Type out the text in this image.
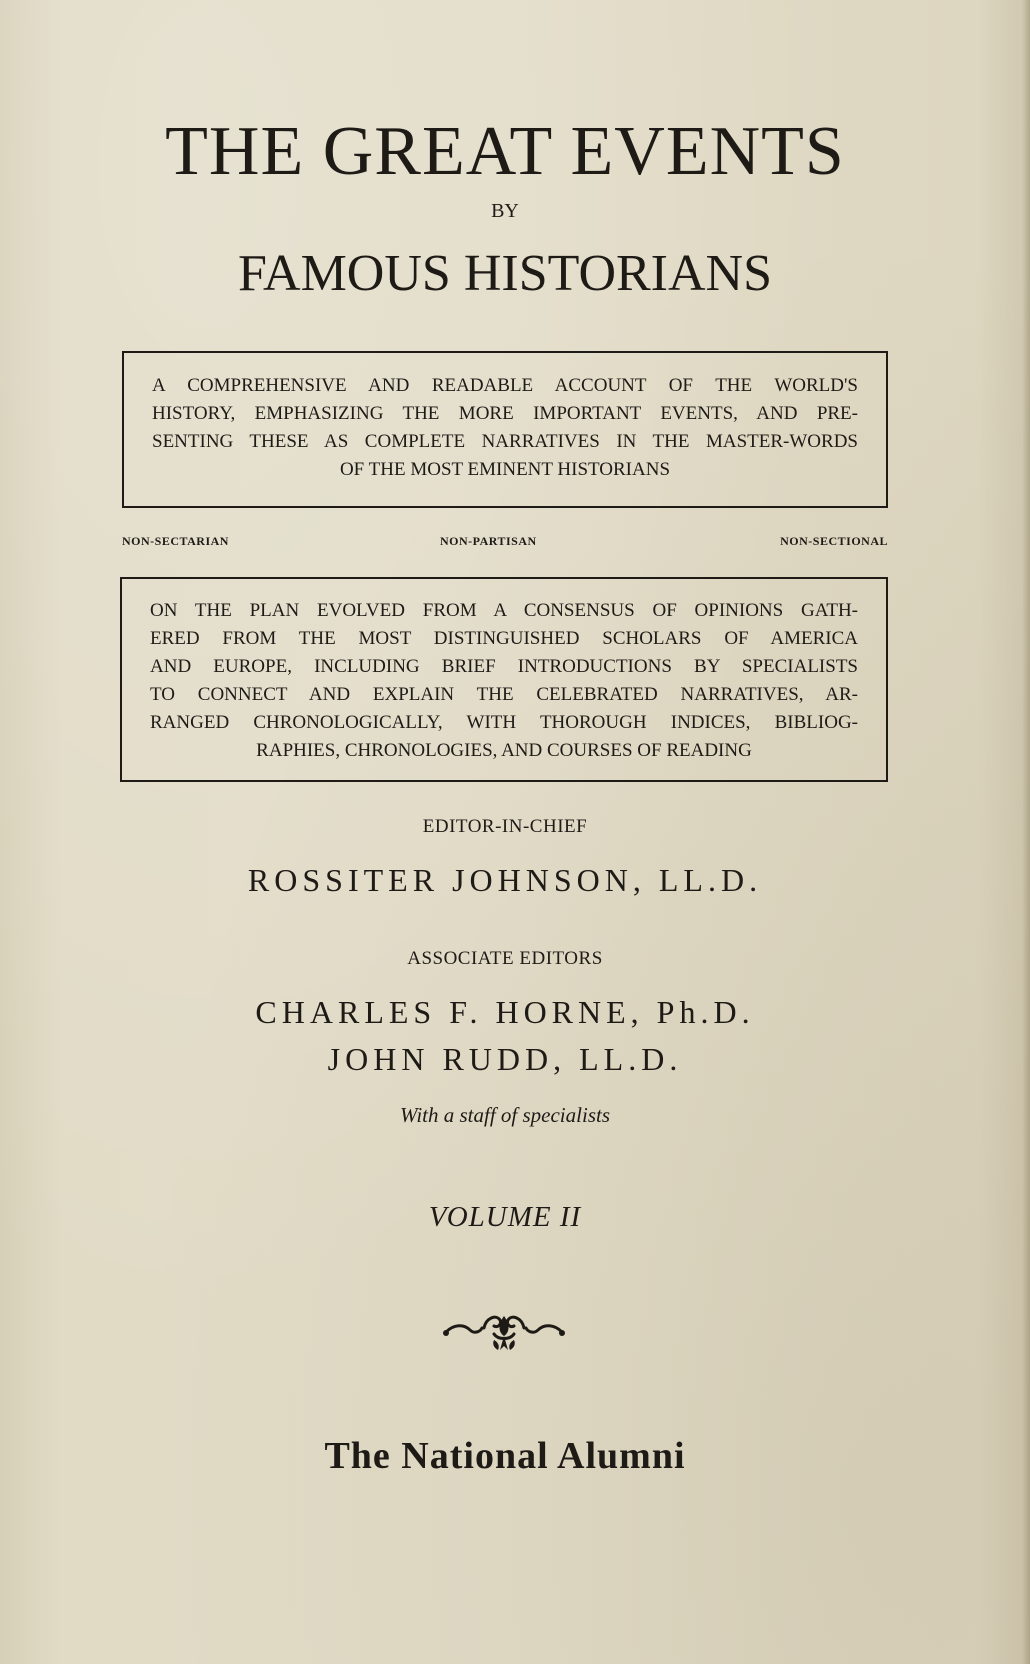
THE GREAT EVENTS
BY
FAMOUS HISTORIANS
A COMPREHENSIVE AND READABLE ACCOUNT OF THE WORLD'S
HISTORY, EMPHASIZING THE MORE IMPORTANT EVENTS, AND PRE-
SENTING THESE AS COMPLETE NARRATIVES IN THE MASTER-WORDS
OF THE MOST EMINENT HISTORIANS
NON-SECTARIAN	NON-PARTISAN	NON-SECTIONAL
ON THE PLAN EVOLVED FROM A CONSENSUS OF OPINIONS GATH-
ERED FROM THE MOST DISTINGUISHED SCHOLARS OF AMERICA
AND EUROPE, INCLUDING BRIEF INTRODUCTIONS BY SPECIALISTS
TO CONNECT AND EXPLAIN THE CELEBRATED NARRATIVES, AR-
RANGED CHRONOLOGICALLY, WITH THOROUGH INDICES, BIBLIOG-
RAPHIES, CHRONOLOGIES, AND COURSES OF READING
EDITOR-IN-CHIEF
ROSSITER JOHNSON, LL.D.
ASSOCIATE EDITORS
CHARLES F. HORNE, Ph.D.
JOHN RUDD, LL.D.
With a staff of specialists
VOLUME II
The National Alumni
